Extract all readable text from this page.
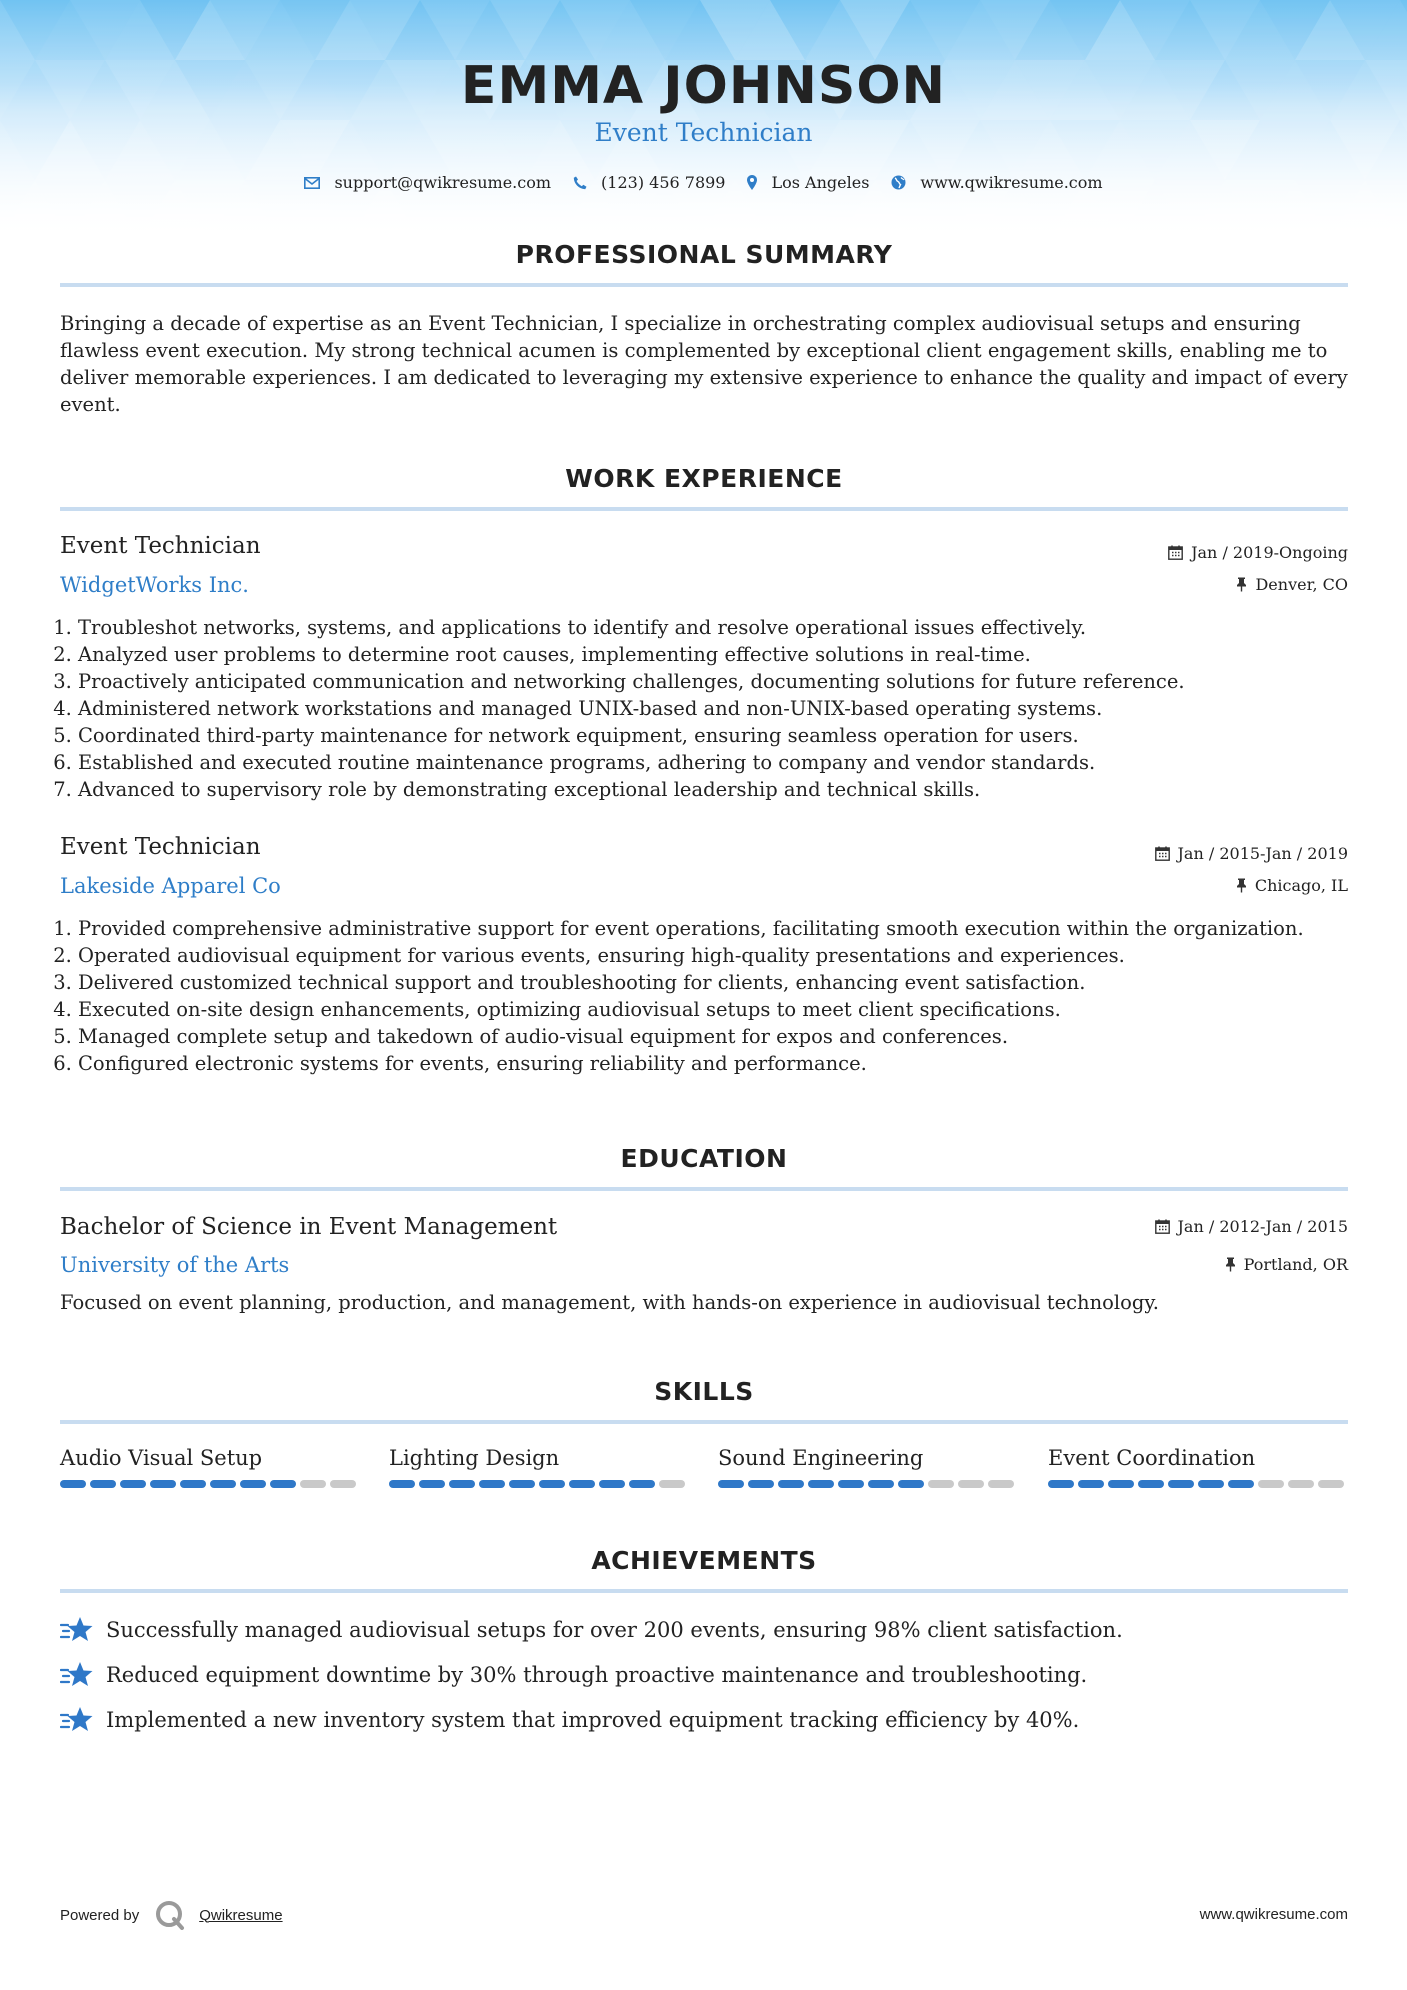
EMMA JOHNSON
Event Technician
support@qwikresume.com	(123) 456 7899	Los Angeles	www.qwikresume.com
PROFESSIONAL SUMMARY
Bringing a decade of expertise as an Event Technician, I specialize in orchestrating complex audiovisual setups and ensuring flawless event execution. My strong technical acumen is complemented by exceptional client engagement skills, enabling me to deliver memorable experiences. I am dedicated to leveraging my extensive experience to enhance the quality and impact of every event.
WORK EXPERIENCE
Event Technician
WidgetWorks Inc.
Jan / 2019-Ongoing
Denver, CO
1. Troubleshot networks, systems, and applications to identify and resolve operational issues effectively.
2. Analyzed user problems to determine root causes, implementing effective solutions in real-time.
3. Proactively anticipated communication and networking challenges, documenting solutions for future reference.
4. Administered network workstations and managed UNIX-based and non-UNIX-based operating systems.
5. Coordinated third-party maintenance for network equipment, ensuring seamless operation for users.
6. Established and executed routine maintenance programs, adhering to company and vendor standards.
7. Advanced to supervisory role by demonstrating exceptional leadership and technical skills.
Event Technician
Lakeside Apparel Co
Jan / 2015-Jan / 2019
Chicago, IL
1. Provided comprehensive administrative support for event operations, facilitating smooth execution within the organization.
2. Operated audiovisual equipment for various events, ensuring high-quality presentations and experiences.
3. Delivered customized technical support and troubleshooting for clients, enhancing event satisfaction.
4. Executed on-site design enhancements, optimizing audiovisual setups to meet client specifications.
5. Managed complete setup and takedown of audio-visual equipment for expos and conferences.
6. Configured electronic systems for events, ensuring reliability and performance.
EDUCATION
Bachelor of Science in Event Management
University of the Arts
Jan / 2012-Jan / 2015
Portland, OR
Focused on event planning, production, and management, with hands-on experience in audiovisual technology.
SKILLS
Audio Visual Setup	Lighting Design	Sound Engineering	Event Coordination
ACHIEVEMENTS
Successfully managed audiovisual setups for over 200 events, ensuring 98% client satisfaction.
Reduced equipment downtime by 30% through proactive maintenance and troubleshooting.
Implemented a new inventory system that improved equipment tracking efficiency by 40%.
Powered by	Qwikresume	www.qwikresume.com
